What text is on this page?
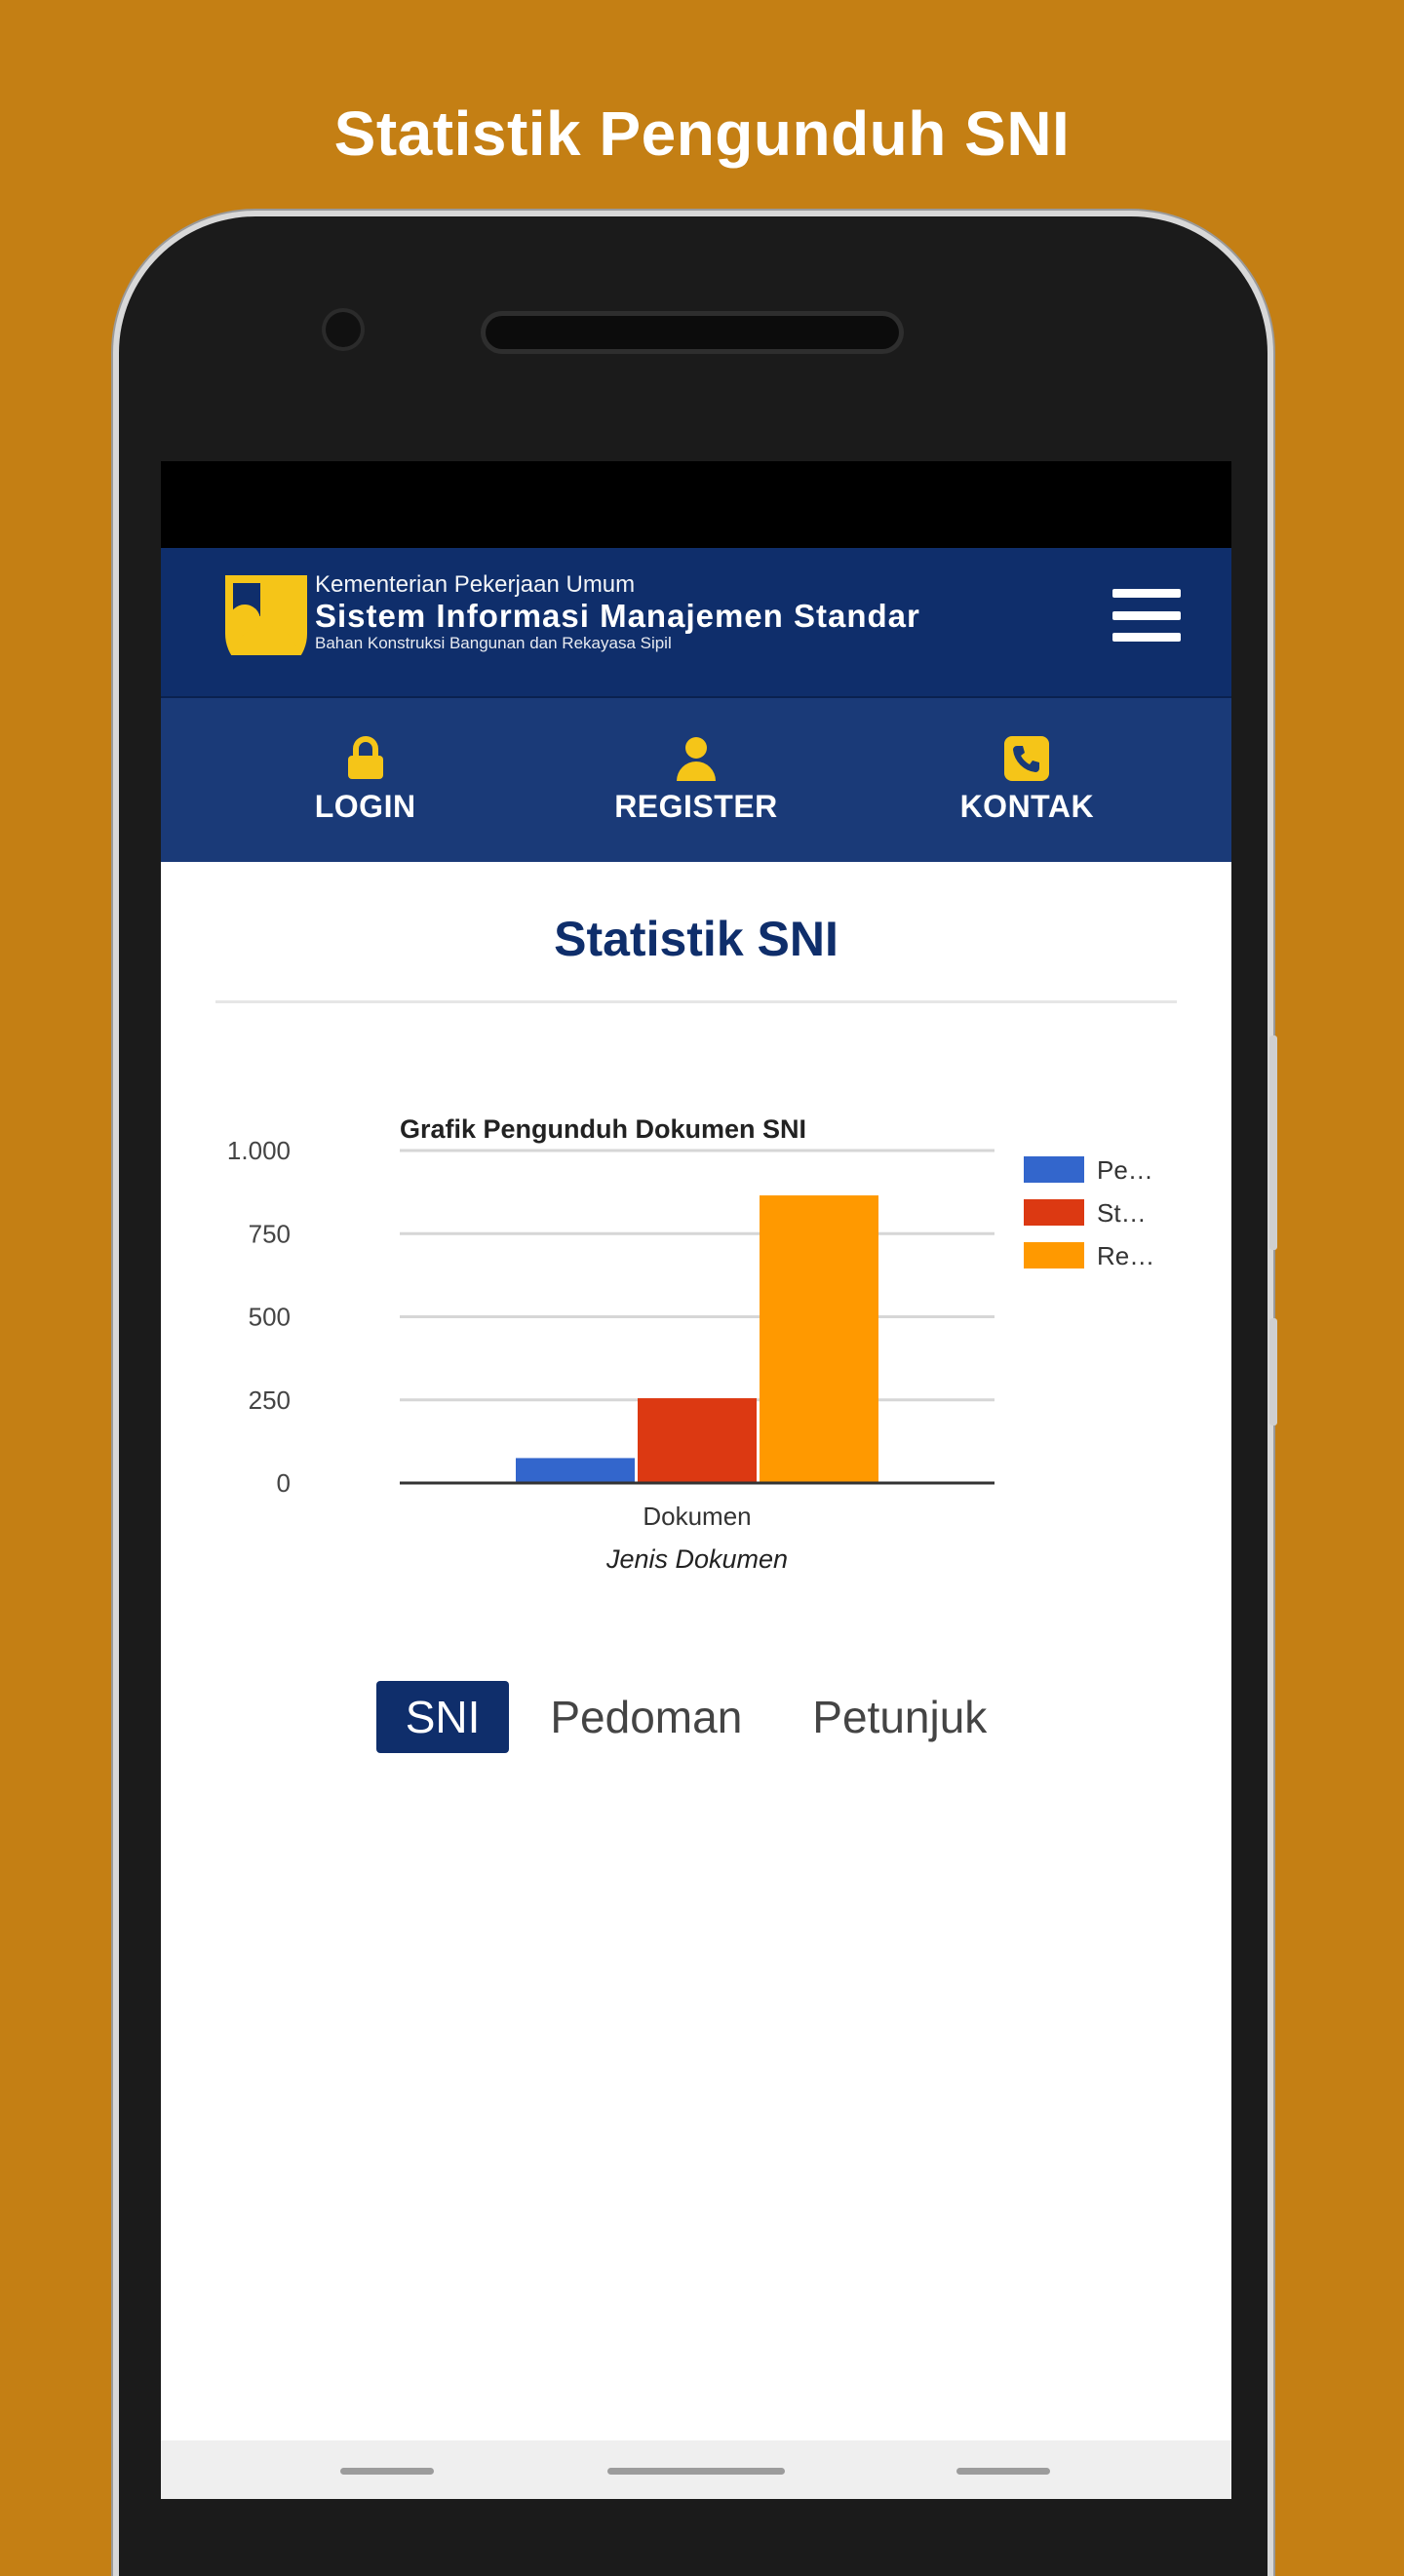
Statistik Pengunduh SNI
Kementerian Pekerjaan Umum
Sistem Informasi Manajemen Standar
Bahan Konstruksi Bangunan dan Rekayasa Sipil
LOGIN	REGISTER	KONTAK
Statistik SNI
Grafik Pengunduh Dokumen SNI
0
250
500
750
1.000
Dokumen
Jenis Dokumen
Pe…
St…
Re…
SNI	Pedoman	Petunjuk
